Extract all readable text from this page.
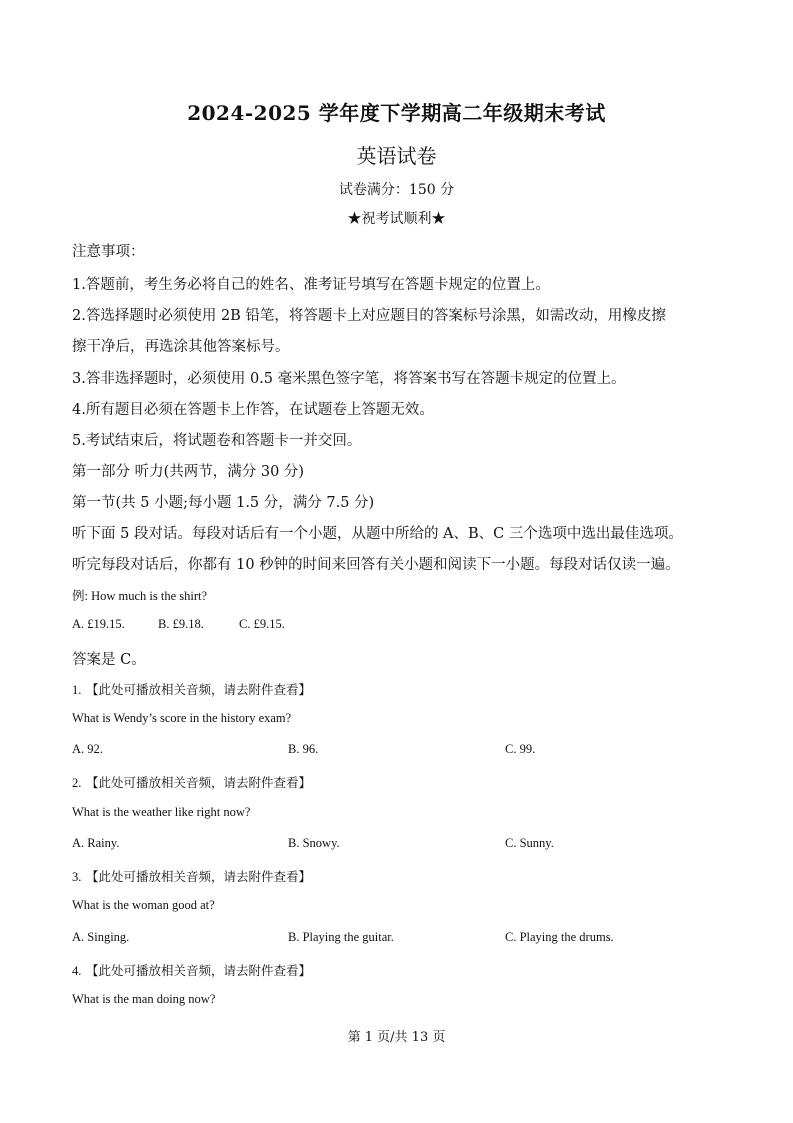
2024-2025 学年度下学期高二年级期末考试
英语试卷
试卷满分：150 分
★祝考试顺利★
注意事项：
1.答题前，考生务必将自己的姓名、准考证号填写在答题卡规定的位置上。
2.答选择题时必须使用 2B 铅笔，将答题卡上对应题目的答案标号涂黑，如需改动，用橡皮擦
擦干净后，再选涂其他答案标号。
3.答非选择题时，必须使用 0.5 毫米黑色签字笔，将答案书写在答题卡规定的位置上。
4.所有题目必须在答题卡上作答，在试题卷上答题无效。
5.考试结束后，将试题卷和答题卡一并交回。
第一部分 听力(共两节，满分 30 分)
第一节(共 5 小题;每小题 1.5 分，满分 7.5 分)
听下面 5 段对话。每段对话后有一个小题，从题中所给的 A、B、C 三个选项中选出最佳选项。
听完每段对话后，你都有 10 秒钟的时间来回答有关小题和阅读下一小题。每段对话仅读一遍。
例: How much is the shirt?
A. £19.15.	B. £9.18.	C. £9.15.
答案是 C。
1. 【此处可播放相关音频，请去附件查看】
What is Wendy’s score in the history exam?
A. 92.	B. 96.	C. 99.
2. 【此处可播放相关音频，请去附件查看】
What is the weather like right now?
A. Rainy.	B. Snowy.	C. Sunny.
3. 【此处可播放相关音频，请去附件查看】
What is the woman good at?
A. Singing.	B. Playing the guitar.	C. Playing the drums.
4. 【此处可播放相关音频，请去附件查看】
What is the man doing now?
第 1 页/共 13 页
